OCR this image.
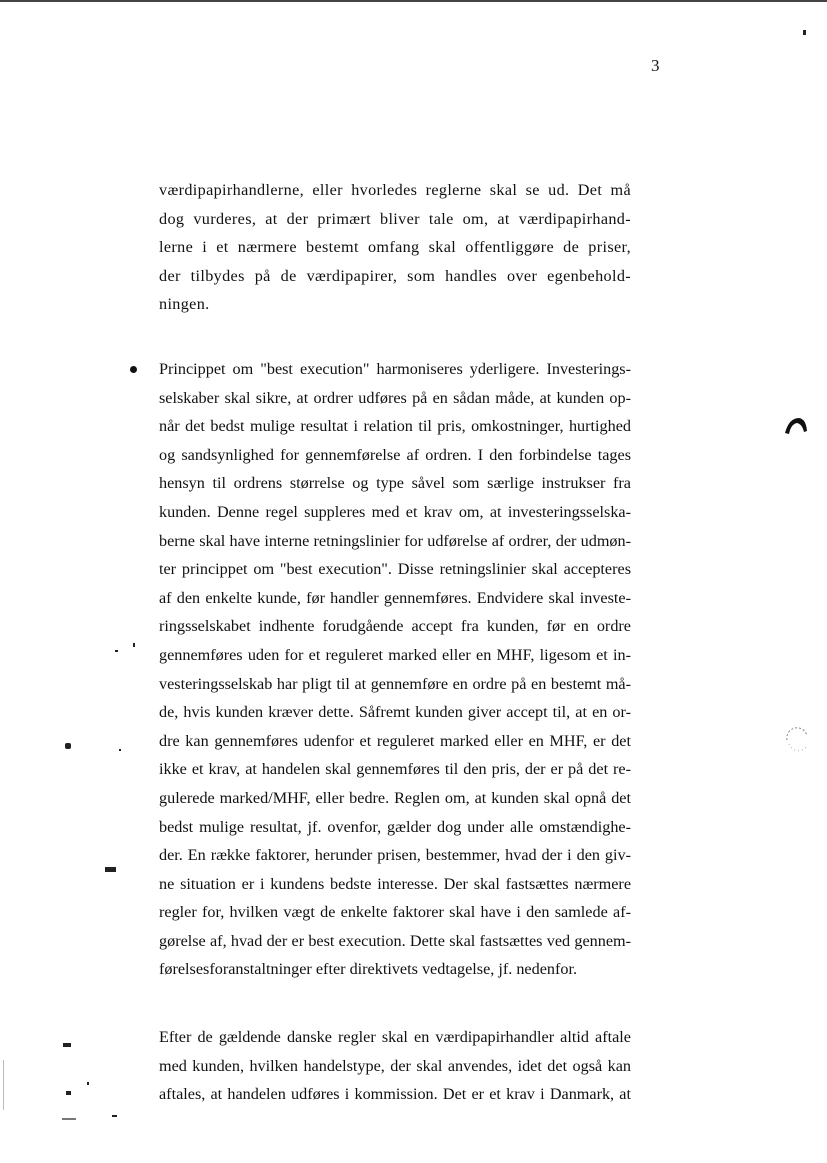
3
værdipapirhandlerne, eller hvorledes reglerne skal se ud. Det må
dog vurderes, at der primært bliver tale om, at værdipapirhand-
lerne i et nærmere bestemt omfang skal offentliggøre de priser,
der tilbydes på de værdipapirer, som handles over egenbehold-
ningen.
Princippet om "best execution" harmoniseres yderligere. Investerings-
selskaber skal sikre, at ordrer udføres på en sådan måde, at kunden op-
når det bedst mulige resultat i relation til pris, omkostninger, hurtighed
og sandsynlighed for gennemførelse af ordren. I den forbindelse tages
hensyn til ordrens størrelse og type såvel som særlige instrukser fra
kunden. Denne regel suppleres med et krav om, at investeringsselska-
berne skal have interne retningslinier for udførelse af ordrer, der udmøn-
ter princippet om "best execution". Disse retningslinier skal accepteres
af den enkelte kunde, før handler gennemføres. Endvidere skal investe-
ringsselskabet indhente forudgående accept fra kunden, før en ordre
gennemføres uden for et reguleret marked eller en MHF, ligesom et in-
vesteringsselskab har pligt til at gennemføre en ordre på en bestemt må-
de, hvis kunden kræver dette. Såfremt kunden giver accept til, at en or-
dre kan gennemføres udenfor et reguleret marked eller en MHF, er det
ikke et krav, at handelen skal gennemføres til den pris, der er på det re-
gulerede marked/MHF, eller bedre. Reglen om, at kunden skal opnå det
bedst mulige resultat, jf. ovenfor, gælder dog under alle omstændighe-
der. En række faktorer, herunder prisen, bestemmer, hvad der i den giv-
ne situation er i kundens bedste interesse. Der skal fastsættes nærmere
regler for, hvilken vægt de enkelte faktorer skal have i den samlede af-
gørelse af, hvad der er best execution. Dette skal fastsættes ved gennem-
førelsesforanstaltninger efter direktivets vedtagelse, jf. nedenfor.
Efter de gældende danske regler skal en værdipapirhandler altid aftale
med kunden, hvilken handelstype, der skal anvendes, idet det også kan
aftales, at handelen udføres i kommission. Det er et krav i Danmark, at
